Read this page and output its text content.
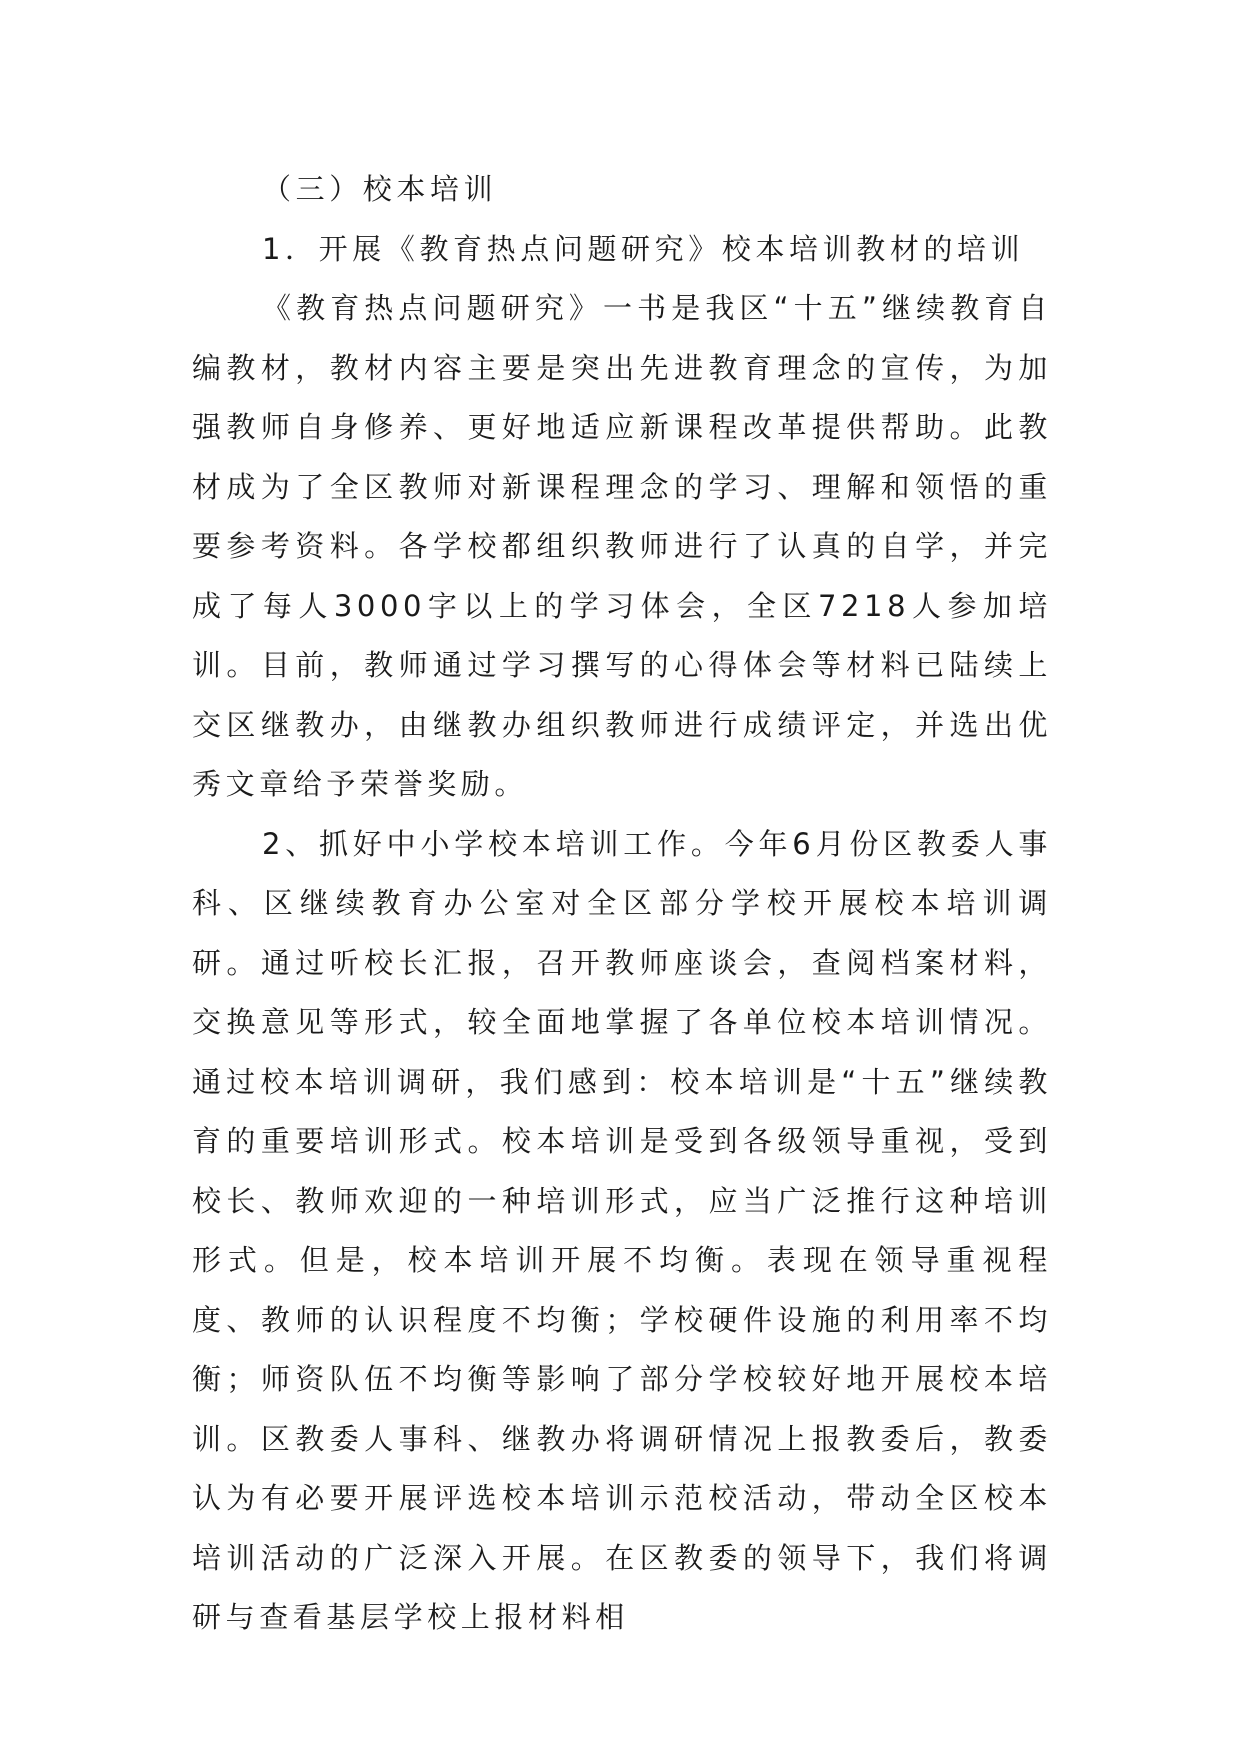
（三）校本培训

1．开展《教育热点问题研究》校本培训教材的培训

《教育热点问题研究》一书是我区“十五”继续教育自编教材，教材内容主要是突出先进教育理念的宣传，为加强教师自身修养、更好地适应新课程改革提供帮助。此教材成为了全区教师对新课程理念的学习、理解和领悟的重要参考资料。各学校都组织教师进行了认真的自学，并完成了每人3000字以上的学习体会，全区7218人参加培训。目前，教师通过学习撰写的心得体会等材料已陆续上交区继教办，由继教办组织教师进行成绩评定，并选出优秀文章给予荣誉奖励。

2、抓好中小学校本培训工作。今年6月份区教委人事科、区继续教育办公室对全区部分学校开展校本培训调研。通过听校长汇报，召开教师座谈会，查阅档案材料，交换意见等形式，较全面地掌握了各单位校本培训情况。通过校本培训调研，我们感到：校本培训是“十五”继续教育的重要培训形式。校本培训是受到各级领导重视，受到校长、教师欢迎的一种培训形式，应当广泛推行这种培训形式。但是，校本培训开展不均衡。表现在领导重视程度、教师的认识程度不均衡；学校硬件设施的利用率不均衡；师资队伍不均衡等影响了部分学校较好地开展校本培训。区教委人事科、继教办将调研情况上报教委后，教委认为有必要开展评选校本培训示范校活动，带动全区校本培训活动的广泛深入开展。在区教委的领导下，我们将调研与查看基层学校上报材料相
